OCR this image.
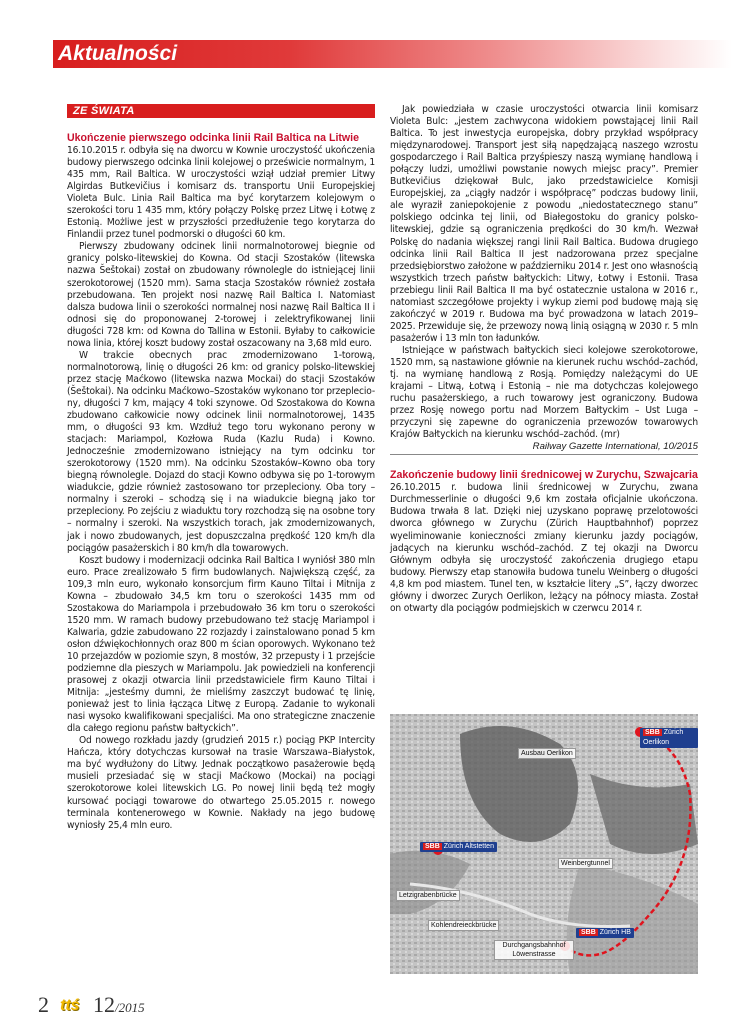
Aktualności
ZE ŚWIATA
Ukończenie pierwszego odcinka linii Rail Baltica na Litwie

16.10.2015 r. odbyła się na dworcu w Kownie uroczystość ukończenia budowy pierwszego odcinka linii kolejowej o prześwicie normalnym, 1 435 mm, Rail Baltica. W uroczystości wziął udział premier Litwy Algirdas Butkevičius i komisarz ds. transportu Unii Europejskiej Violeta Bulc. Linia Rail Baltica ma być korytarzem kolejowym o szerokości toru 1 435 mm, który połączy Polskę przez Litwę i Łotwę z Estonią. Możliwe jest w przyszłości przedłużenie tego korytarza do Finlandii przez tunel podmorski o długości 60 km.

Pierwszy zbudowany odcinek linii normalnotorowej biegnie od granicy polsko-litewskiej do Kowna. Od stacji Szostaków (litewska nazwa Šeštokai) został on zbudowany równolegle do istniejącej linii szerokotorowej (1520 mm). Sama stacja Szostaków również została przebudowana. Ten projekt nosi nazwę Rail Baltica I. Natomiast dalsza budowa linii o szerokości normalnej nosi nazwę Rail Baltica II i odnosi się do proponowanej 2-torowej i zelektryfikowanej linii długości 728 km: od Kowna do Tallina w Estonii. Byłaby to całkowicie nowa linia, której koszt budowy został oszacowany na 3,68 mld euro.

W trakcie obecnych prac zmodernizowano 1-torową, normalnotorową, linię o długości 26 km: od granicy polsko-litewskiej przez stację Maćkowo (litewska nazwa Mockai) do stacji Szostaków (Šeštokai). Na odcinku Maćkowo–Szostaków wykonano tor przeplecio-ny, długości 7 km, mający 4 toki szynowe. Od Szostakowa do Kowna zbudowano całkowicie nowy odcinek linii normalnotorowej, 1435 mm, o długości 93 km. Wzdłuż tego toru wykonano perony w stacjach: Mariampol, Kozłowa Ruda (Kazlu Ruda) i Kowno. Jednocześnie zmodernizowano istniejący na tym odcinku tor szerokotorowy (1520 mm). Na odcinku Szostaków–Kowno oba tory biegną równolegle. Dojazd do stacji Kowno odbywa się po 1-torowym wiadukcie, gdzie również zastosowano tor przepleciony. Oba tory – normalny i szeroki – schodzą się i na wiadukcie biegną jako tor przepleciony. Po zejściu z wiaduktu tory rozchodzą się na osobne tory – normalny i szeroki. Na wszystkich torach, jak zmodernizowanych, jak i nowo zbudowanych, jest dopuszczalna prędkość 120 km/h dla pociągów pasażerskich i 80 km/h dla towarowych.

Koszt budowy i modernizacji odcinka Rail Baltica I wyniósł 380 mln euro. Prace zrealizowało 5 firm budowlanych. Największą część, za 109,3 mln euro, wykonało konsorcjum firm Kauno Tiltai i Mitnija z Kowna – zbudowało 34,5 km toru o szerokości 1435 mm od Szostakowa do Mariampola i przebudowało 36 km toru o szerokości 1520 mm. W ramach budowy przebudowano też stację Mariampol i Kalwaria, gdzie zabudowano 22 rozjazdy i zainstalowano ponad 5 km osłon dźwiękochłonnych oraz 800 m ścian oporowych. Wykonano też 10 przejazdów w poziomie szyn, 8 mostów, 32 przepusty i 1 przejście podziemne dla pieszych w Mariampolu. Jak powiedzieli na konferencji prasowej z okazji otwarcia linii przedstawiciele firm Kauno Tiltai i Mitnija: „jesteśmy dumni, że mieliśmy zaszczyt budować tę linię, ponieważ jest to linia łącząca Litwę z Europą. Zadanie to wykonali nasi wysoko kwalifikowani specjaliści. Ma ono strategiczne znaczenie dla całego regionu państw bałtyckich”.

Od nowego rozkładu jazdy (grudzień 2015 r.) pociąg PKP Intercity Hańcza, który dotychczas kursował na trasie Warszawa–Białystok, ma być wydłużony do Litwy. Jednak początkowo pasażerowie będą musieli przesiadać się w stacji Maćkowo (Mockai) na pociągi szerokotorowe kolei litewskich LG. Po nowej linii będą też mogły kursować pociągi towarowe do otwartego 25.05.2015 r. nowego terminala kontenerowego w Kownie. Nakłady na jego budowę wyniosły 25,4 mln euro.

Jak powiedziała w czasie uroczystości otwarcia linii komisarz Violeta Bulc: „jestem zachwycona widokiem powstającej linii Rail Baltica. To jest inwestycja europejska, dobry przykład współpracy międzynarodowej. Transport jest siłą napędzającą naszego wzrostu gospodarczego i Rail Baltica przyśpieszy naszą wymianę handlową i połączy ludzi, umożliwi powstanie nowych miejsc pracy”. Premier Butkevičius dziękował Bulc, jako przedstawicielce Komisji Europejskiej, za „ciągły nadzór i współpracę” podczas budowy linii, ale wyraził zaniepokojenie z powodu „niedostatecznego stanu” polskiego odcinka tej linii, od Białegostoku do granicy polsko-litewskiej, gdzie są ograniczenia prędkości do 30 km/h. Wezwał Polskę do nadania większej rangi linii Rail Baltica. Budowa drugiego odcinka linii Rail Baltica II jest nadzorowana przez specjalne przedsiębiorstwo założone w październiku 2014 r. Jest ono własnością wszystkich trzech państw bałtyckich: Litwy, Łotwy i Estonii. Trasa przebiegu linii Rail Baltica II ma być ostatecznie ustalona w 2016 r., natomiast szczegółowe projekty i wykup ziemi pod budowę mają się zakończyć w 2019 r. Budowa ma być prowadzona w latach 2019–2025. Przewiduje się, że przewozy nową linią osiągną w 2030 r. 5 mln pasażerów i 13 mln ton ładunków.

Istniejące w państwach bałtyckich sieci kolejowe szerokotorowe, 1520 mm, są nastawione głównie na kierunek ruchu wschód–zachód, tj. na wymianę handlową z Rosją. Pomiędzy należącymi do UE krajami – Litwą, Łotwą i Estonią – nie ma dotychczas kolejowego ruchu pasażerskiego, a ruch towarowy jest ograniczony. Budowa przez Rosję nowego portu nad Morzem Bałtyckim – Ust Luga – przyczyni się zapewne do ograniczenia przewozów towarowych Krajów Bałtyckich na kierunku wschód–zachód. (mr)

Railway Gazette International, 10/2015
Zakończenie budowy linii średnicowej w Zurychu, Szwajcaria

26.10.2015 r. budowa linii średnicowej w Zurychu, zwana Durchmesserlinie o długości 9,6 km została oficjalnie ukończona. Budowa trwała 8 lat. Dzięki niej uzyskano poprawę przelotowości dworca głównego w Zurychu (Zürich Hauptbahnhof) poprzez wyeliminowanie konieczności zmiany kierunku jazdy pociągów, jadących na kierunku wschód–zachód. Z tej okazji na Dworcu Głównym odbyła się uroczystość zakończenia drugiego etapu budowy. Pierwszy etap stanowiła budowa tunelu Weinberg o długości 4,8 km pod miastem. Tunel ten, w kształcie litery „S”, łączy dworzec główny i dworzec Zurych Oerlikon, leżący na północy miasta. Został on otwarty dla pociągów podmiejskich w czerwcu 2014 r.

SBB Zürich Oerlikon
Ausbau Oerlikon
SBB Zürich Altstetten
Weinbergtunnel
Letzigrabenbrücke
Kohlendreieckbrücke
SBB Zürich HB
Durchgangsbahnhof Löwenstrasse
2 ttś 12/2015
